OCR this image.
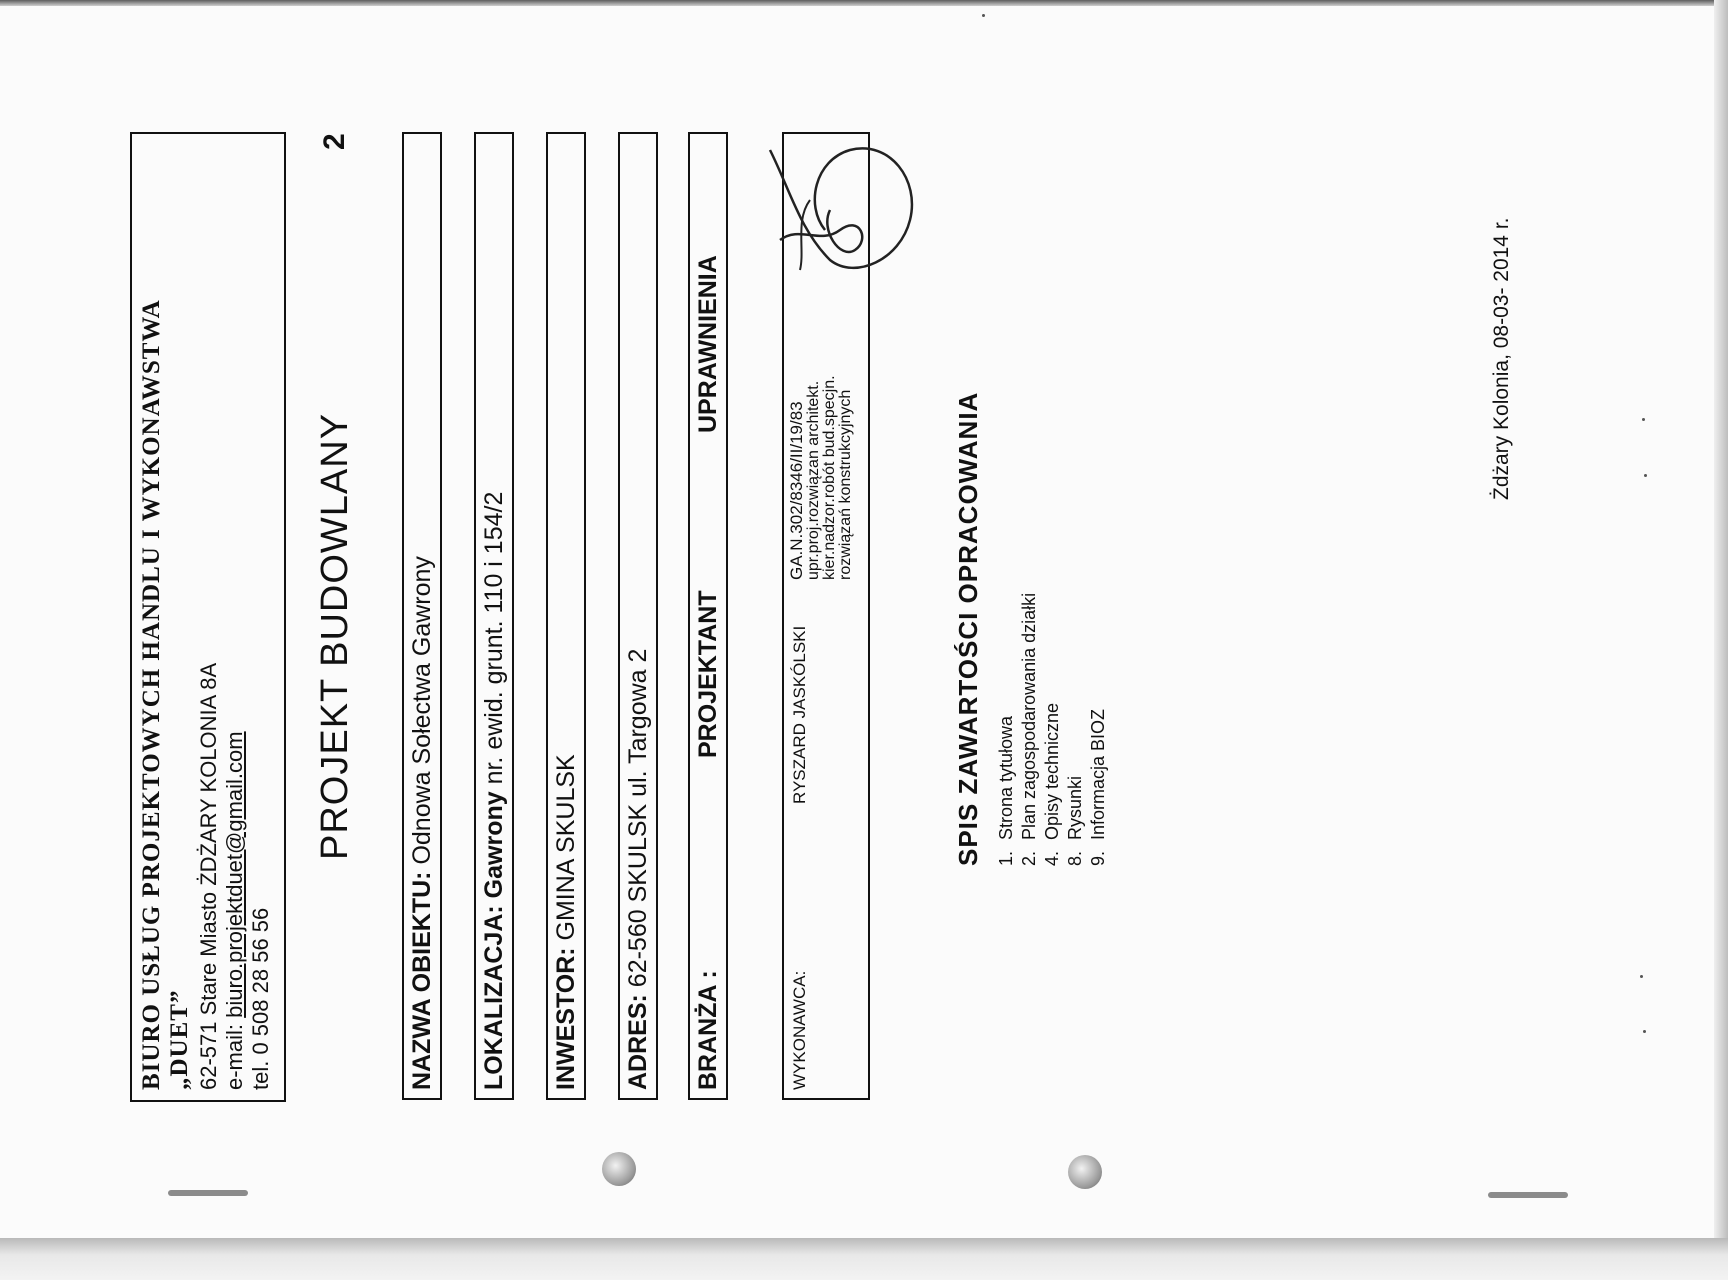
BIURO USŁUG PROJEKTOWYCH HANDLU I WYKONAWSTWA „DUET” 62-571 Stare Miasto ŻDŻARY KOLONIA 8A e-mail: biuro.projektduet@gmail.com tel. 0 508 28 56 56
PROJEKT BUDOWLANY
2
NAZWA OBIEKTU: Odnowa Sołectwa Gawrony
LOKALIZACJA: Gawrony nr. ewid. grunt. 110 i 154/2
INWESTOR: GMINA SKULSK
ADRES: 62-560 SKULSK ul. Targowa 2
BRANŻA :
PROJEKTANT
UPRAWNIENIA
WYKONAWCA:
RYSZARD JASKÓLSKI
GA.N.302/8346/II/19/83 upr.proj.rozwiązan architekt. kier.nadzor.robót bud.specjn. rozwiązań konstrukcyjnych	SPIS ZAWARTOŚCI OPRACOWANIA 1.Strona tytułowa
2.Plan zagospodarowania działki
4.Opisy techniczne
8.Rysunki
9.Informacja BIOZ
Żdżary Kolonia, 08-03- 2014 r.
